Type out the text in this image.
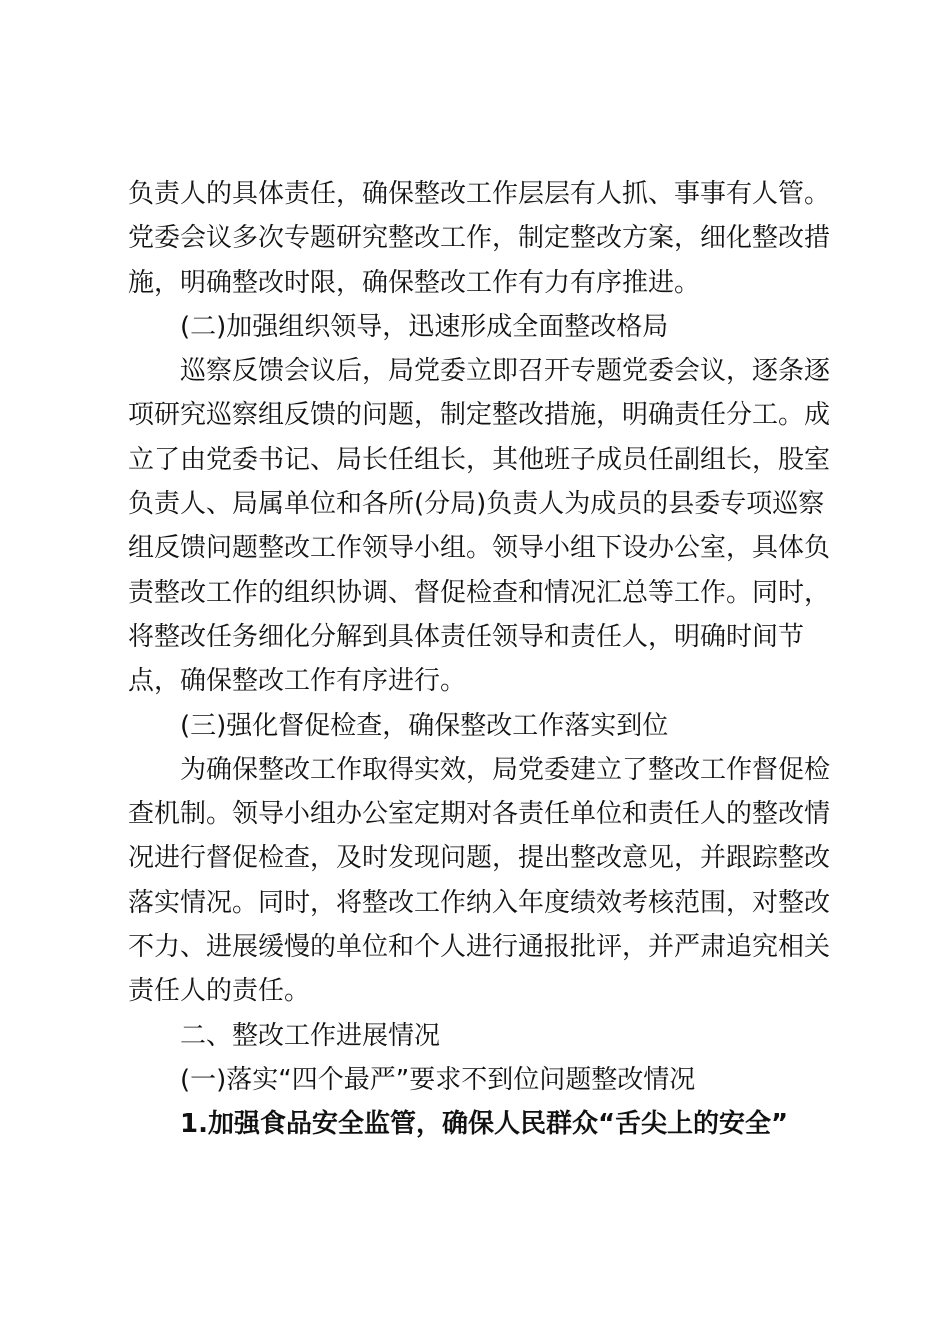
负责人的具体责任，确保整改工作层层有人抓、事事有人管。
党委会议多次专题研究整改工作，制定整改方案，细化整改措
施，明确整改时限，确保整改工作有力有序推进。
(二)加强组织领导，迅速形成全面整改格局
巡察反馈会议后，局党委立即召开专题党委会议，逐条逐
项研究巡察组反馈的问题，制定整改措施，明确责任分工。成
立了由党委书记、局长任组长，其他班子成员任副组长，股室
负责人、局属单位和各所(分局)负责人为成员的县委专项巡察
组反馈问题整改工作领导小组。领导小组下设办公室，具体负
责整改工作的组织协调、督促检查和情况汇总等工作。同时，
将整改任务细化分解到具体责任领导和责任人，明确时间节
点，确保整改工作有序进行。
(三)强化督促检查，确保整改工作落实到位
为确保整改工作取得实效，局党委建立了整改工作督促检
查机制。领导小组办公室定期对各责任单位和责任人的整改情
况进行督促检查，及时发现问题，提出整改意见，并跟踪整改
落实情况。同时，将整改工作纳入年度绩效考核范围，对整改
不力、进展缓慢的单位和个人进行通报批评，并严肃追究相关
责任人的责任。
二、整改工作进展情况
(一)落实“四个最严”要求不到位问题整改情况
1.加强食品安全监管，确保人民群众“舌尖上的安全”
